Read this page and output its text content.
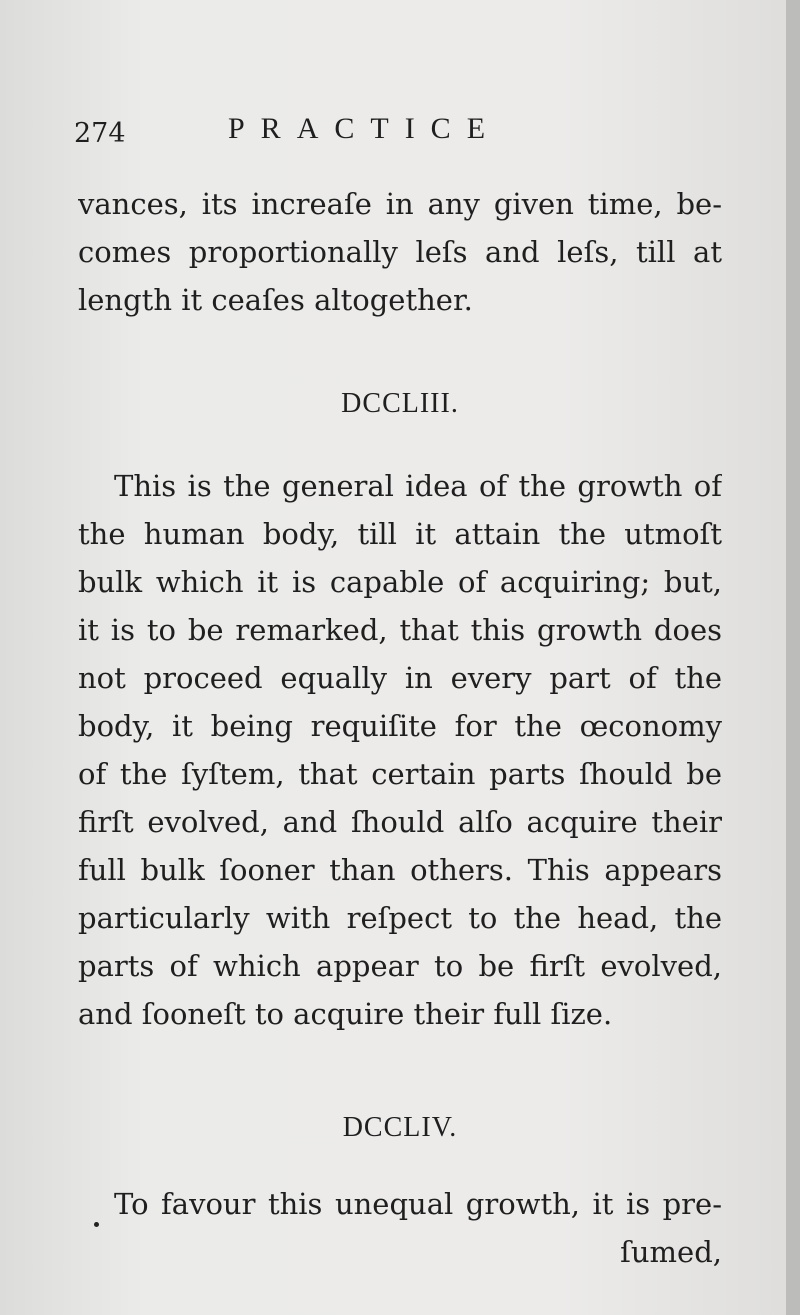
274	PRACTICE
vances, its increaſe in any given time, be-
comes proportionally leſs and leſs, till at
length it ceaſes altogether.
DCCLIII.
This is the general idea of the growth of
the human body, till it attain the utmoſt
bulk which it is capable of acquiring; but,
it is to be remarked, that this growth does
not proceed equally in every part of the
body, it being requiſite for the œconomy
of the ſyſtem, that certain parts ſhould be
firſt evolved, and ſhould alſo acquire their
full bulk ſooner than others. This appears
particularly with reſpect to the head, the
parts of which appear to be firſt evolved,
and ſooneſt to acquire their full ſize.
DCCLIV.
To favour this unequal growth, it is pre-
ſumed,
